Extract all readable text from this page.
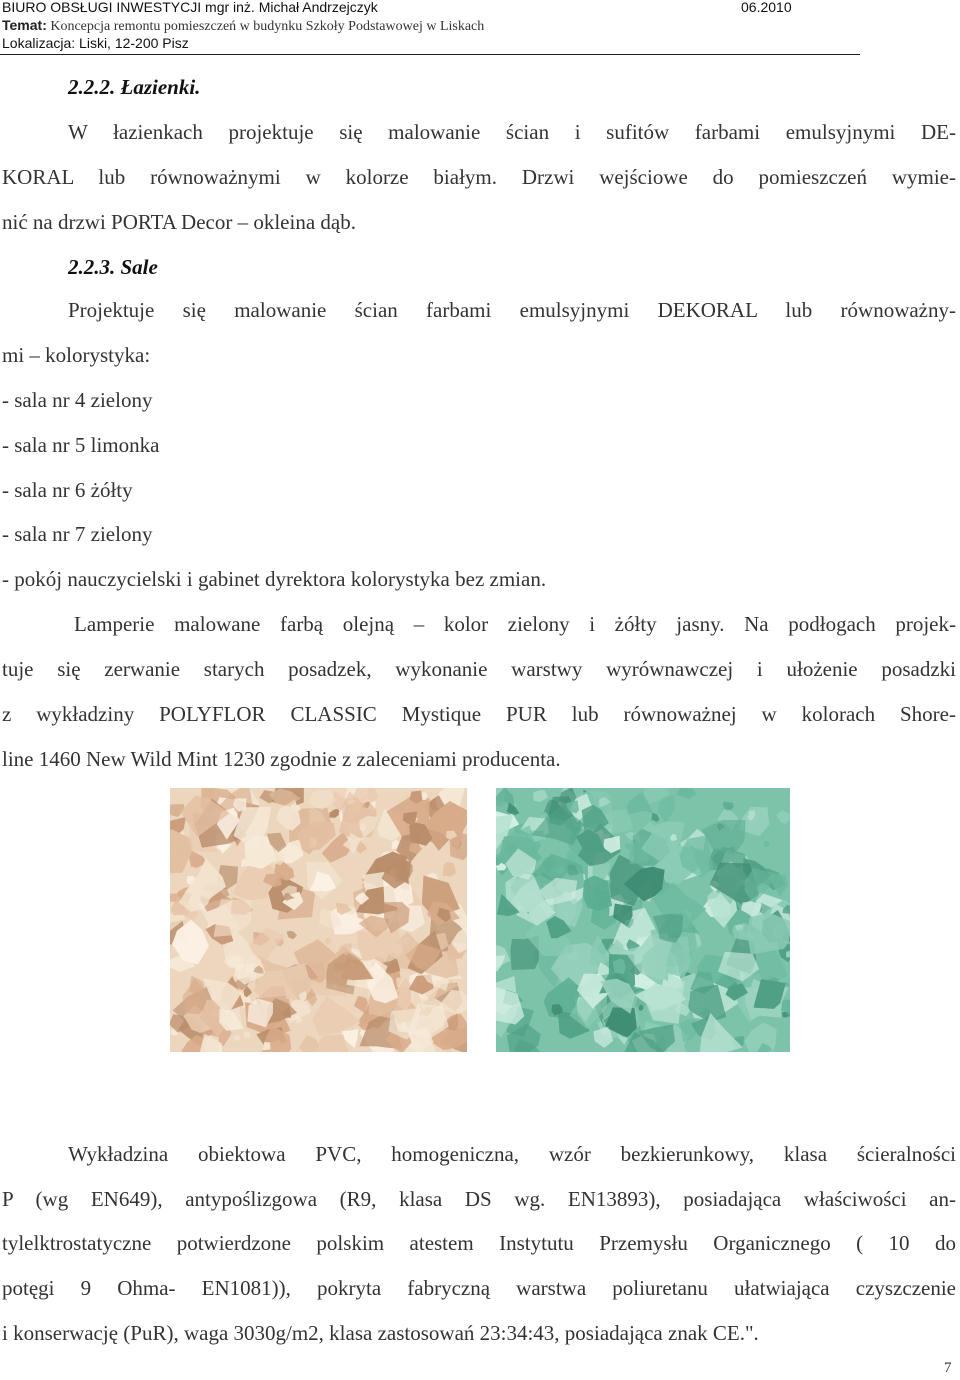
BIURO OBSŁUGI INWESTYCJI mgr inż. Michał Andrzejczyk	06.2010
Temat: Koncepcja remontu pomieszczeń w budynku Szkoły Podstawowej w Liskach
Lokalizacja: Liski, 12-200 Pisz
2.2.2. Łazienki.
W łazienkach projektuje się malowanie ścian i sufitów farbami emulsyjnymi DE-
KORAL lub równoważnymi w kolorze białym. Drzwi wejściowe do pomieszczeń wymie-
nić na drzwi PORTA Decor – okleina dąb.
2.2.3. Sale
Projektuje się malowanie ścian farbami emulsyjnymi DEKORAL lub równoważny-
mi – kolorystyka:
- sala nr 4 zielony
- sala nr 5 limonka
- sala nr 6 żółty
- sala nr 7 zielony
- pokój nauczycielski i gabinet dyrektora kolorystyka bez zmian.
Lamperie malowane farbą olejną – kolor zielony i żółty jasny. Na podłogach projek-
tuje się zerwanie starych posadzek, wykonanie warstwy wyrównawczej i ułożenie posadzki
z wykładziny POLYFLOR CLASSIC Mystique PUR lub równoważnej w kolorach Shore-
line 1460 New Wild Mint 1230 zgodnie z zaleceniami producenta.
Wykładzina obiektowa PVC, homogeniczna, wzór bezkierunkowy, klasa ścieralności
P (wg EN649), antypoślizgowa (R9, klasa DS wg. EN13893), posiadająca właściwości an-
tylelktrostatyczne potwierdzone polskim atestem Instytutu Przemysłu Organicznego ( 10 do
potęgi 9 Ohma- EN1081)), pokryta fabryczną warstwa poliuretanu ułatwiająca czyszczenie
i konserwację (PuR), waga 3030g/m2, klasa zastosowań 23:34:43, posiadająca znak CE.".
7
